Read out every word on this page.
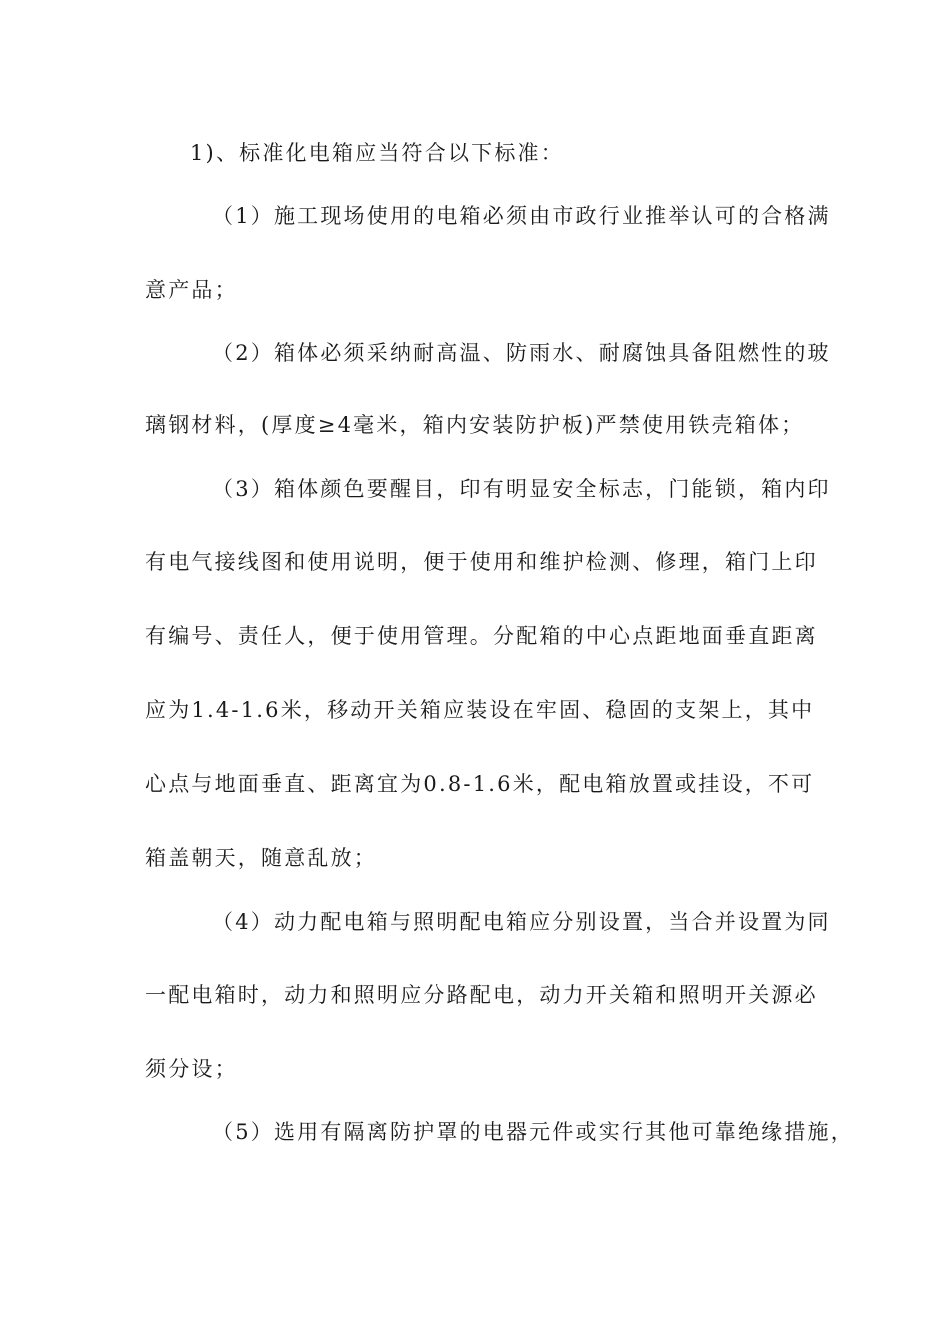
1)、标准化电箱应当符合以下标准：
（1）施工现场使用的电箱必须由市政行业推举认可的合格满
意产品；
（2）箱体必须采纳耐高温、防雨水、耐腐蚀具备阻燃性的玻
璃钢材料，(厚度≥4毫米，箱内安装防护板)严禁使用铁壳箱体；
（3）箱体颜色要醒目，印有明显安全标志，门能锁，箱内印
有电气接线图和使用说明，便于使用和维护检测、修理，箱门上印
有编号、责任人，便于使用管理。分配箱的中心点距地面垂直距离
应为1.4-1.6米，移动开关箱应装设在牢固、稳固的支架上，其中
心点与地面垂直、距离宜为0.8-1.6米，配电箱放置或挂设，不可
箱盖朝天，随意乱放；
（4）动力配电箱与照明配电箱应分别设置，当合并设置为同
一配电箱时，动力和照明应分路配电，动力开关箱和照明开关源必
须分设；
（5）选用有隔离防护罩的电器元件或实行其他可靠绝缘措施，
